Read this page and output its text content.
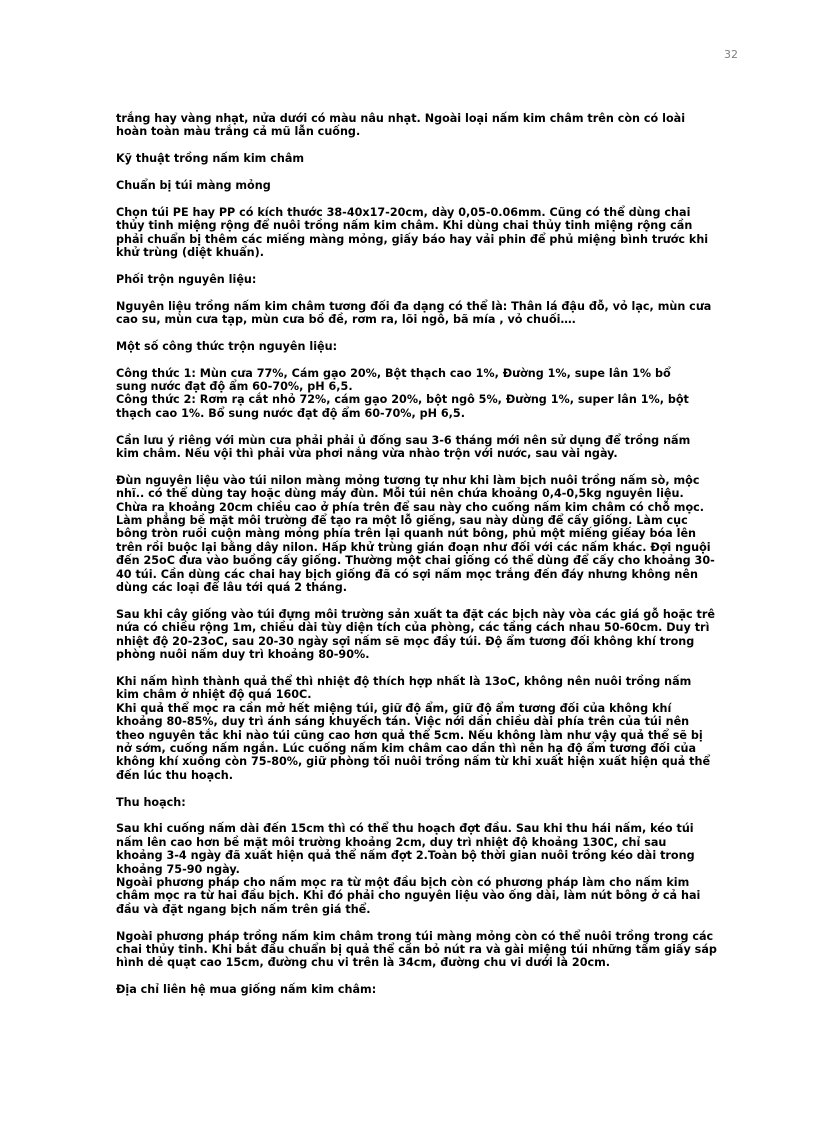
32

trắng hay vàng nhạt, nửa dưới có màu nâu nhạt. Ngoài loại nấm kim châm trên còn có loài
hoàn toàn màu trắng cả mũ lẫn cuống.

Kỹ thuật trồng nấm kim châm

Chuẩn bị túi màng mỏng

Chọn túi PE hay PP có kích thước 38-40x17-20cm, dày 0,05-0.06mm. Cũng có thể dùng chai
thủy tinh miệng rộng để nuôi trồng nấm kim châm. Khi dùng chai thủy tinh miệng rộng cần
phải chuẩn bị thêm các miếng màng mỏng, giấy báo hay vải phin để phủ miệng bình trước khi
khử trùng (diệt khuẩn).

Phối trộn nguyên liệu:

Nguyên liệu trồng nấm kim châm tương đối đa dạng có thể là: Thân lá đậu đỗ, vỏ lạc, mùn cưa
cao su, mùn cưa tạp, mùn cưa bồ đề, rơm ra, lõi ngô, bã mía , vỏ chuối….

Một số công thức trộn nguyên liệu:

Công thức 1: Mùn cưa 77%, Cám gạo 20%, Bột thạch cao 1%, Đường 1%, supe lân 1% bổ
sung nước đạt độ ẩm 60-70%, pH 6,5.
Công thức 2: Rơm rạ cắt nhỏ 72%, cám gạo 20%, bột ngô 5%, Đường 1%, super lân 1%, bột
thạch cao 1%. Bổ sung nước đạt độ ẩm 60-70%, pH 6,5.

Cần lưu ý riêng với mùn cưa phải phải ủ đống sau 3-6 tháng mới nên sử dụng để trồng nấm
kim châm. Nếu vội thì phải vừa phơi nắng vừa nhào trộn với nước, sau vài ngày.

Đùn nguyên liệu vào túi nilon màng mỏng tương tự như khi làm bịch nuôi trồng nấm sò, mộc
nhĩ.. có thể dùng tay hoặc dùng máy đùn. Mỗi túi nên chứa khoảng 0,4-0,5kg nguyên liệu.
Chừa ra khoảng 20cm chiều cao ở phía trên để sau này cho cuống nấm kim châm có chỗ mọc.
Làm phẳng bề mặt môi trường để tạo ra một lỗ giếng, sau này dùng để cấy giống. Làm cục
bông tròn ruồi cuộn màng mỏng phía trên lại quanh nút bông, phủ một miếng giếay bóa lên
trên rồi buộc lại bằng dây nilon. Hấp khử trùng gián đoạn như đối với các nấm khác. Đợi nguội
đến 25oC đưa vào buồng cấy giống. Thường một chai giống có thể dùng để cấy cho khoảng 30-
40 túi. Cần dùng các chai hay bịch giống đã có sợi nấm mọc trắng đến đáy nhưng không nên
dùng các loại để lâu tới quá 2 tháng.

Sau khi cây giống vào túi đựng môi trường sản xuất ta đặt các bịch này vòa các giá gỗ hoặc trê
nứa có chiều rộng 1m, chiều dài tùy diện tích của phòng, các tầng cách nhau 50-60cm. Duy trì
nhiệt độ 20-23oC, sau 20-30 ngày sợi nấm sẽ mọc đầy túi. Độ ẩm tương đối không khí trong
phòng nuôi nấm duy trì khoảng 80-90%.

Khi nấm hình thành quả thể thì nhiệt độ thích hợp nhất là 13oC, không nên nuôi trồng nấm
kim châm ở nhiệt độ quá 160C.
Khi quả thể mọc ra cần mở hết miệng túi, giữ độ ẩm, giữ độ ẩm tương đối của không khí
khoảng 80-85%, duy trì ánh sáng khuyếch tán. Việc nới dần chiều dài phía trên của túi nên
theo nguyên tắc khi nào túi cũng cao hơn quả thể 5cm. Nếu không làm như vậy quả thể sẽ bị
nở sớm, cuống nấm ngắn. Lúc cuống nấm kim châm cao dần thì nên hạ độ ẩm tương đối của
không khí xuống còn 75-80%, giữ phòng tối nuôi trồng nấm từ khi xuất hiện xuất hiện quả thể
đến lúc thu hoạch.

Thu hoạch:

Sau khi cuống nấm dài đến 15cm thì có thể thu hoạch đợt đầu. Sau khi thu hái nấm, kéo túi
nấm lên cao hơn bề mặt môi trường khoảng 2cm, duy trì nhiệt độ khoảng 130C, chỉ sau
khoảng 3-4 ngày đã xuất hiện quả thể nấm đợt 2.Toàn bộ thời gian nuôi trồng kéo dài trong
khoảng 75-90 ngày.
Ngoài phương pháp cho nấm mọc ra từ một đầu bịch còn có phương pháp làm cho nấm kim
châm mọc ra từ hai đầu bịch. Khi đó phải cho nguyên liệu vào ống dài, làm nút bông ở cả hai
đầu và đặt ngang bịch nấm trên giá thể.

Ngoài phương pháp trồng nấm kim châm trong túi màng mỏng còn có thể nuôi trồng trong các
chai thủy tinh. Khi bắt đầu chuẩn bị quả thể cần bỏ nút ra và gài miệng túi những tấm giấy sáp
hình dẻ quạt cao 15cm, đường chu vi trên là 34cm, đường chu vi dưới là 20cm.

Địa chỉ liên hệ mua giống nấm kim châm:
